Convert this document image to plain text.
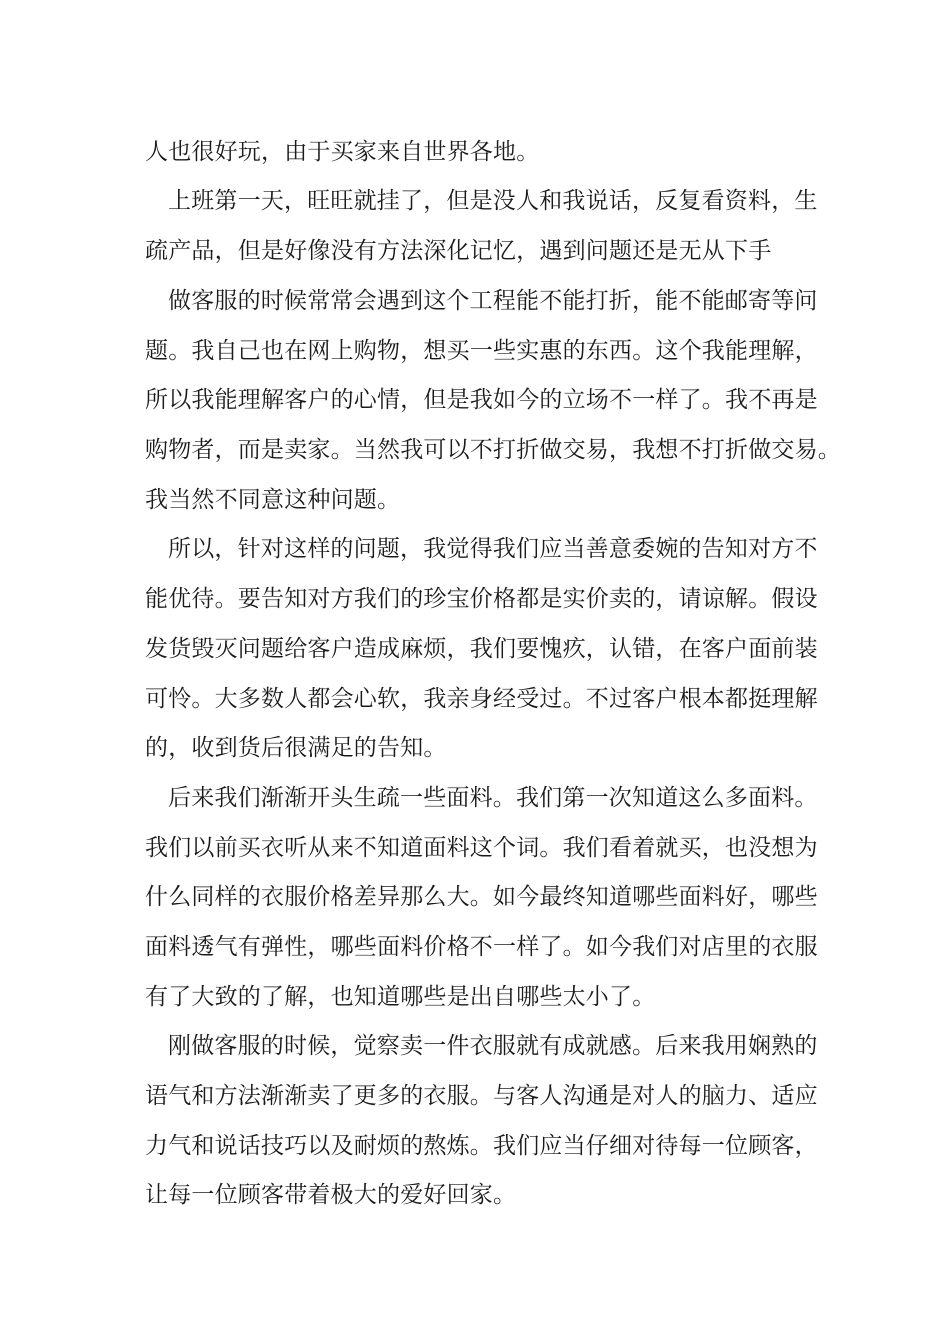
人也很好玩，由于买家来自世界各地。
上班第一天，旺旺就挂了，但是没人和我说话，反复看资料，生
疏产品，但是好像没有方法深化记忆，遇到问题还是无从下手
做客服的时候常常会遇到这个工程能不能打折，能不能邮寄等问
题。我自己也在网上购物，想买一些实惠的东西。这个我能理解，
所以我能理解客户的心情，但是我如今的立场不一样了。我不再是
购物者，而是卖家。当然我可以不打折做交易，我想不打折做交易。
我当然不同意这种问题。
所以，针对这样的问题，我觉得我们应当善意委婉的告知对方不
能优待。要告知对方我们的珍宝价格都是实价卖的，请谅解。假设
发货毁灭问题给客户造成麻烦，我们要愧疚，认错，在客户面前装
可怜。大多数人都会心软，我亲身经受过。不过客户根本都挺理解
的，收到货后很满足的告知。
后来我们渐渐开头生疏一些面料。我们第一次知道这么多面料。
我们以前买衣听从来不知道面料这个词。我们看着就买，也没想为
什么同样的衣服价格差异那么大。如今最终知道哪些面料好，哪些
面料透气有弹性，哪些面料价格不一样了。如今我们对店里的衣服
有了大致的了解，也知道哪些是出自哪些太小了。
刚做客服的时候，觉察卖一件衣服就有成就感。后来我用娴熟的
语气和方法渐渐卖了更多的衣服。与客人沟通是对人的脑力、适应
力气和说话技巧以及耐烦的熬炼。我们应当仔细对待每一位顾客，
让每一位顾客带着极大的爱好回家。
